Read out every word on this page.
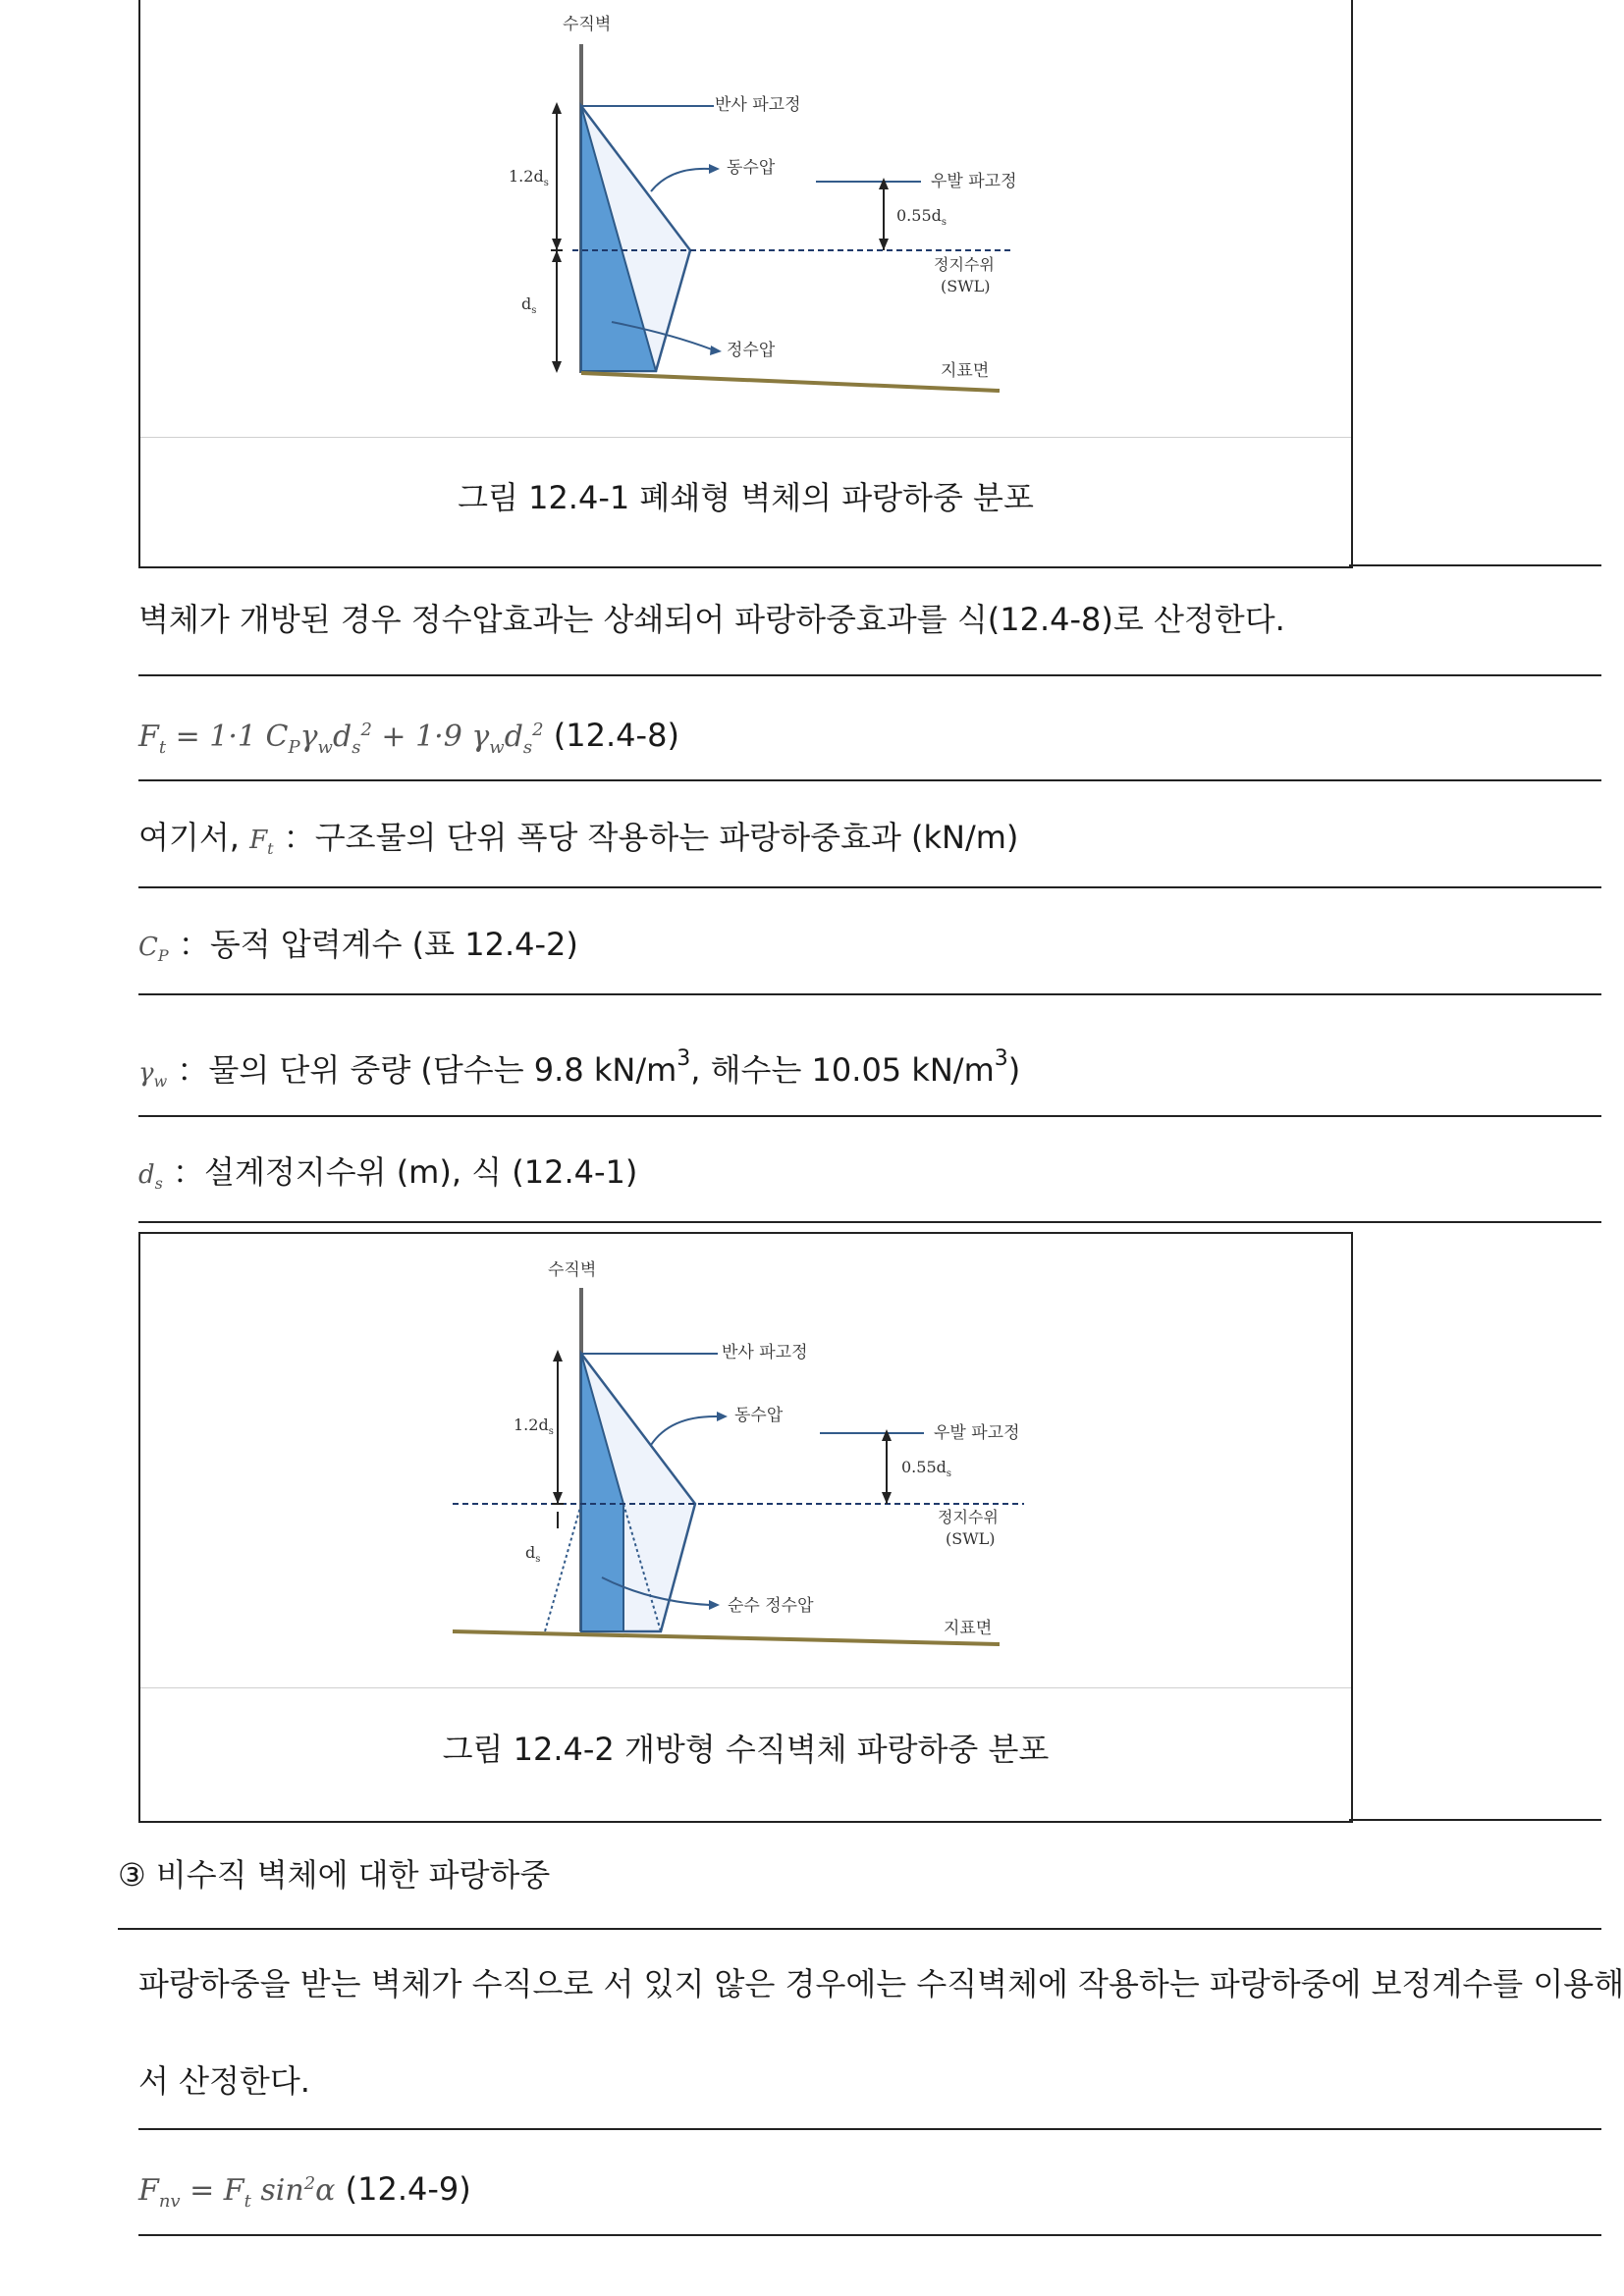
수직벽
반사 파고정
동수압
우발 파고정
$1.2d_s$
$d_s$
$0.55d_s$
정지수위
(SWL)
정수압
지표면
그림 12.4-1 폐쇄형 벽체의 파랑하중 분포
벽체가 개방된 경우 정수압효과는 상쇄되어 파랑하중효과를 식(12.4-8)로 산정한다.
$F_t = 1\cdot 1$ $C_P\gamma_wd_s^2 + 1\cdot 9$ $\gamma_wd_s^2$ (12.4-8)
여기서, $F_t$ ：구조물의 단위 폭당 작용하는 파랑하중효과 (kN/m)
$C_P$ ：동적 압력계수 (표 12.4-2)
$\gamma_w$ ：물의 단위 중량 (담수는 9.8 $kN/m^3$, 해수는 10.05 $kN/m^3$)
$d_s$ ：설계정지수위 (m), 식 (12.4-1)
수직벽
반사 파고정
동수압
우발 파고정
$1.2d_s$
$d_s$
$0.55d_s$
정지수위
(SWL)
순수 정수압
지표면
그림 12.4-2 개방형 수직벽체 파랑하중 분포
③ 비수직 벽체에 대한 파랑하중
파랑하중을 받는 벽체가 수직으로 서 있지 않은 경우에는 수직벽체에 작용하는 파랑하중에 보정계수를 이용해
서 산정한다.
$F_{nv} = F_t$ $\sin^2\alpha$ (12.4-9)
